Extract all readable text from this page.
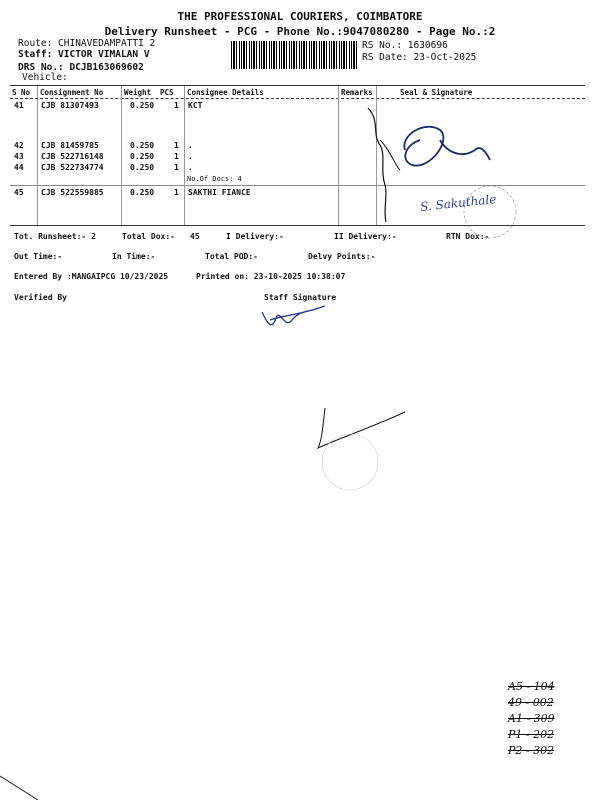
THE PROFESSIONAL COURIERS, COIMBATORE
Delivery Runsheet - PCG - Phone No.:9047080280 - Page No.:2
Route: CHINAVEDAMPATTI 2
Staff: VICTOR VIMALAN V
DRS No.: DCJB163069602
Vehicle:
RS No.: 1630696
RS Date: 23-Oct-2025
S No Consignment No	Weight PCS Consignee Details	Remarks	Seal & Signature
41 CJB 81307493	0.250 1 KCT
42 CJB 81459785	0.250 1 .
43 CJB 522716148	0.250 1 .
44 CJB 522734774	0.250 1 .
No.Of Docs: 4
45 CJB 522559885	0.250 1 SAKTHI FIANCE
Tot. Runsheet:- 2	Total Dox:- 45	I Delivery:-	II Delivery:-	RTN Dox:-
Out Time:-	In Time:-	Total POD:-	Delvy Points:-
Entered By :MANGAIPCG 10/23/2025	Printed on: 23-10-2025 10:38:07
Verified By	Staff Signature
S. Sakuthale
A5 - 104
49 - 002
A1 - 309
P1 - 202
P2 - 302
